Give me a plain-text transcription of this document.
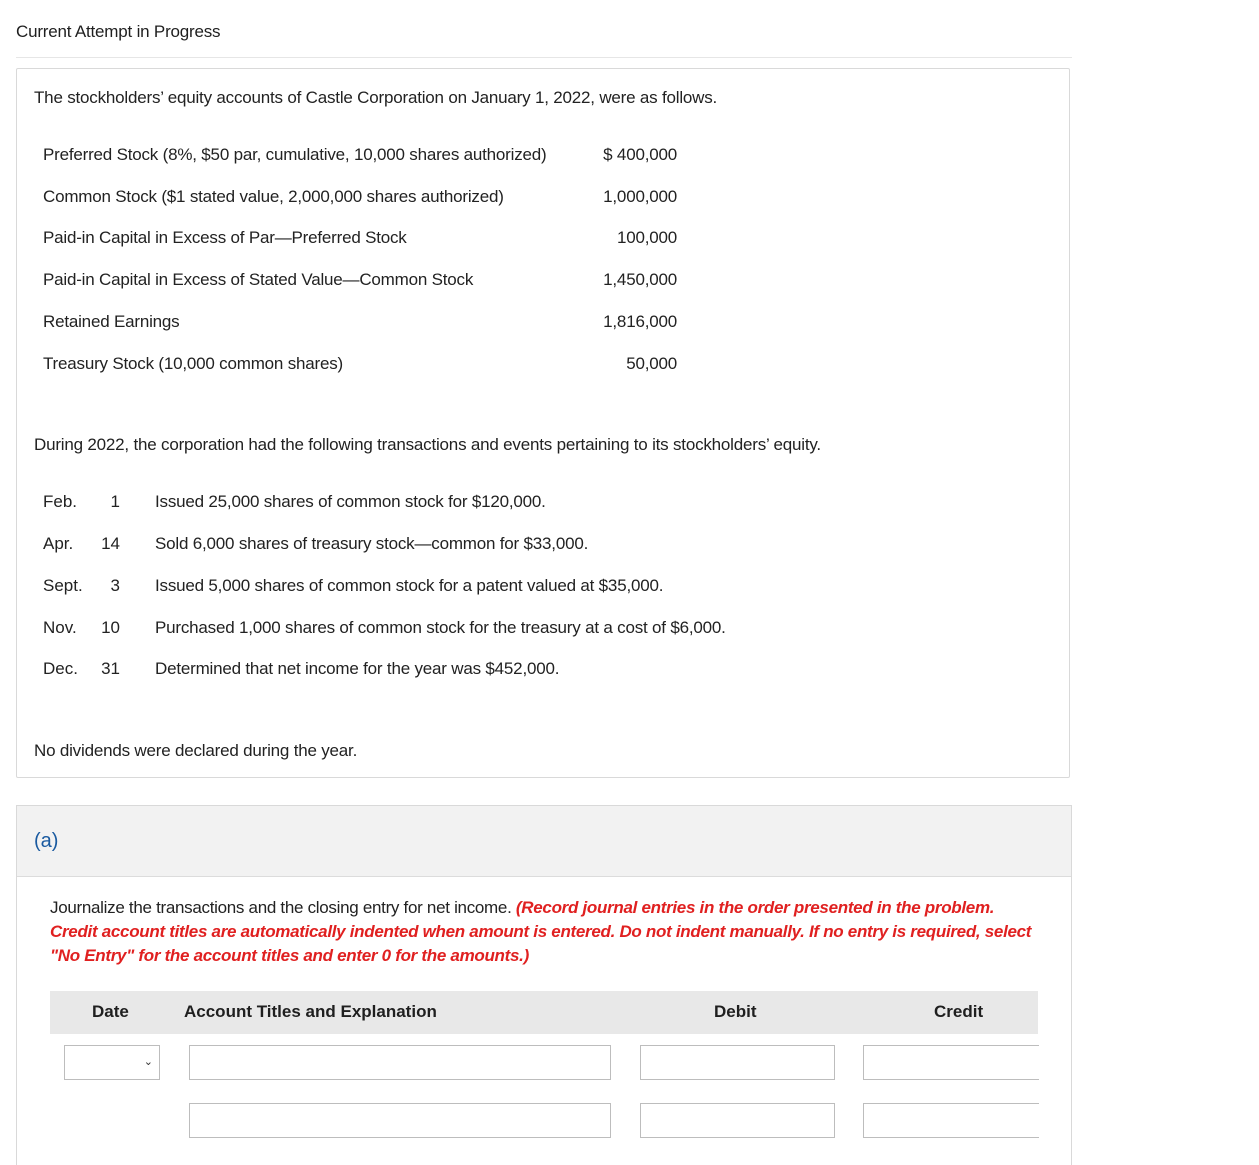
Current Attempt in Progress
The stockholders’ equity accounts of Castle Corporation on January 1, 2022, were as follows.
Preferred Stock (8%, $50 par, cumulative, 10,000 shares authorized)	$ 400,000
Common Stock ($1 stated value, 2,000,000 shares authorized)	1,000,000
Paid-in Capital in Excess of Par—Preferred Stock	100,000
Paid-in Capital in Excess of Stated Value—Common Stock	1,450,000
Retained Earnings	1,816,000
Treasury Stock (10,000 common shares)	50,000
During 2022, the corporation had the following transactions and events pertaining to its stockholders’ equity.
Feb.	1 Issued 25,000 shares of common stock for $120,000.
Apr.	14 Sold 6,000 shares of treasury stock—common for $33,000.
Sept.	3 Issued 5,000 shares of common stock for a patent valued at $35,000.
Nov.	10 Purchased 1,000 shares of common stock for the treasury at a cost of $6,000.
Dec.	31 Determined that net income for the year was $452,000.
No dividends were declared during the year.
(a)
Journalize the transactions and the closing entry for net income. (Record journal entries in the order presented in the problem. Credit account titles are automatically indented when amount is entered. Do not indent manually. If no entry is required, select "No Entry" for the account titles and enter 0 for the amounts.)
Date	Account Titles and Explanation	Debit	Credit
⌄
